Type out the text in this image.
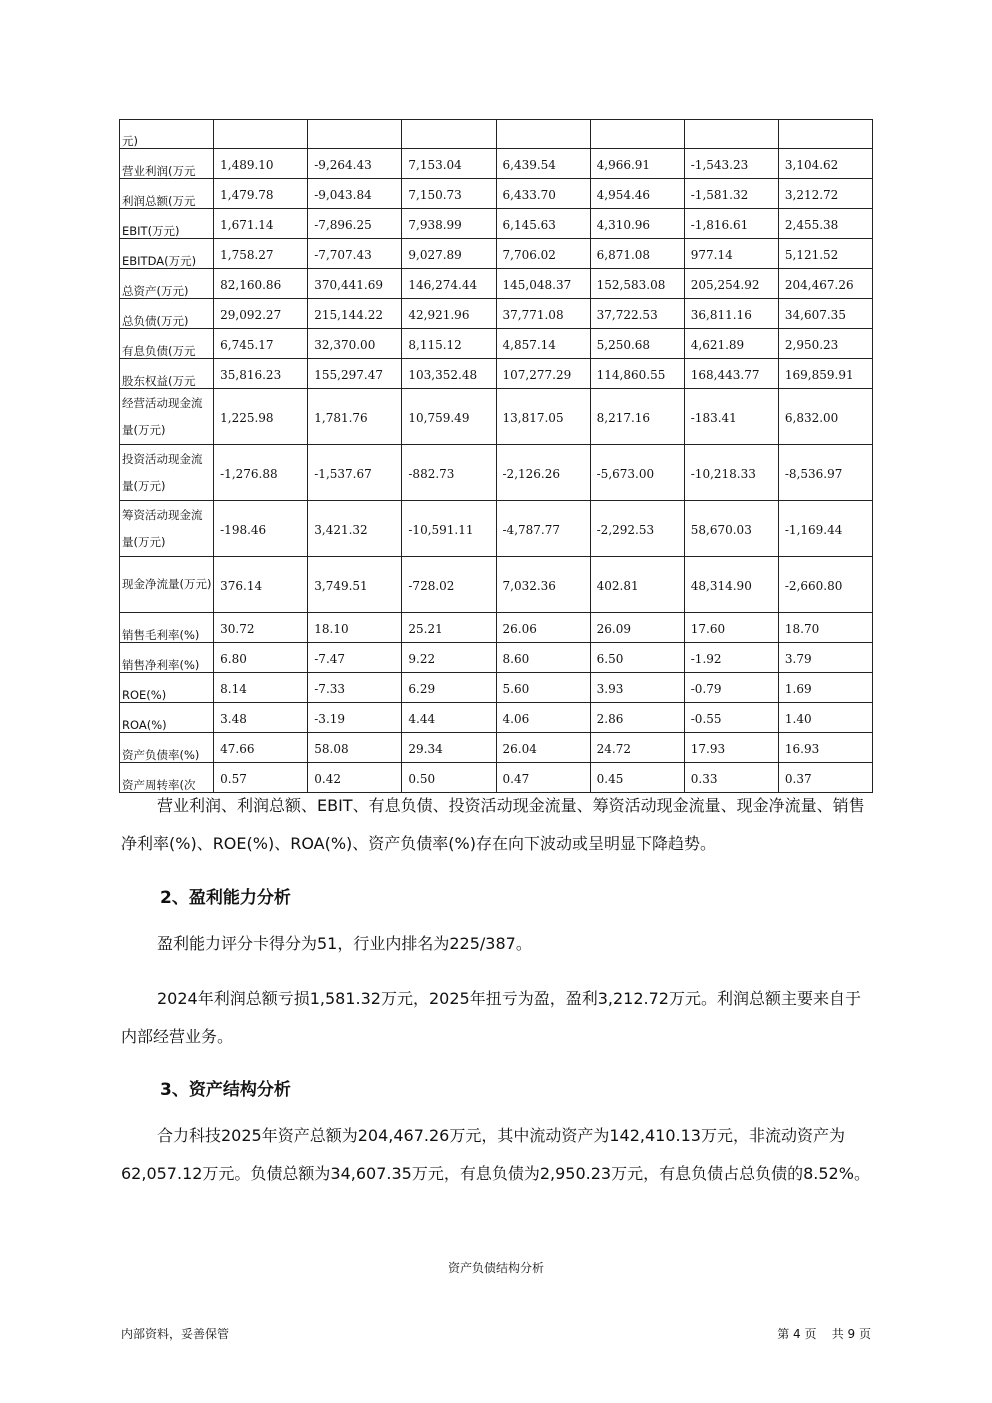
元)							
营业利润(万元	1,489.10	-9,264.43	7,153.04	6,439.54	4,966.91	-1,543.23	3,104.62
利润总额(万元	1,479.78	-9,043.84	7,150.73	6,433.70	4,954.46	-1,581.32	3,212.72
EBIT(万元)	1,671.14	-7,896.25	7,938.99	6,145.63	4,310.96	-1,816.61	2,455.38
EBITDA(万元)	1,758.27	-7,707.43	9,027.89	7,706.02	6,871.08	977.14	5,121.52
总资产(万元)	82,160.86	370,441.69	146,274.44	145,048.37	152,583.08	205,254.92	204,467.26
总负债(万元)	29,092.27	215,144.22	42,921.96	37,771.08	37,722.53	36,811.16	34,607.35
有息负债(万元	6,745.17	32,370.00	8,115.12	4,857.14	5,250.68	4,621.89	2,950.23
股东权益(万元	35,816.23	155,297.47	103,352.48	107,277.29	114,860.55	168,443.77	169,859.91
经营活动现金流量(万元)	1,225.98	1,781.76	10,759.49	13,817.05	8,217.16	-183.41	6,832.00
投资活动现金流量(万元)	-1,276.88	-1,537.67	-882.73	-2,126.26	-5,673.00	-10,218.33	-8,536.97
筹资活动现金流量(万元)	-198.46	3,421.32	-10,591.11	-4,787.77	-2,292.53	58,670.03	-1,169.44
现金净流量(万元)	376.14	3,749.51	-728.02	7,032.36	402.81	48,314.90	-2,660.80
销售毛利率(%)	30.72	18.10	25.21	26.06	26.09	17.60	18.70
销售净利率(%)	6.80	-7.47	9.22	8.60	6.50	-1.92	3.79
ROE(%)	8.14	-7.33	6.29	5.60	3.93	-0.79	1.69
ROA(%)	3.48	-3.19	4.44	4.06	2.86	-0.55	1.40
资产负债率(%)	47.66	58.08	29.34	26.04	24.72	17.93	16.93
资产周转率(次	0.57	0.42	0.50	0.47	0.45	0.33	0.37
营业利润、利润总额、EBIT、有息负债、投资活动现金流量、筹资活动现金流量、现金净流量、销售净利率(%)、ROE(%)、ROA(%)、资产负债率(%)存在向下波动或呈明显下降趋势。
2、盈利能力分析
盈利能力评分卡得分为51，行业内排名为225/387。
2024年利润总额亏损1,581.32万元，2025年扭亏为盈，盈利3,212.72万元。利润总额主要来自于内部经营业务。
3、资产结构分析
合力科技2025年资产总额为204,467.26万元，其中流动资产为142,410.13万元，非流动资产为62,057.12万元。负债总额为34,607.35万元，有息负债为2,950.23万元，有息负债占总负债的8.52%。
资产负债结构分析
内部资料，妥善保管	第 4 页    共 9 页
